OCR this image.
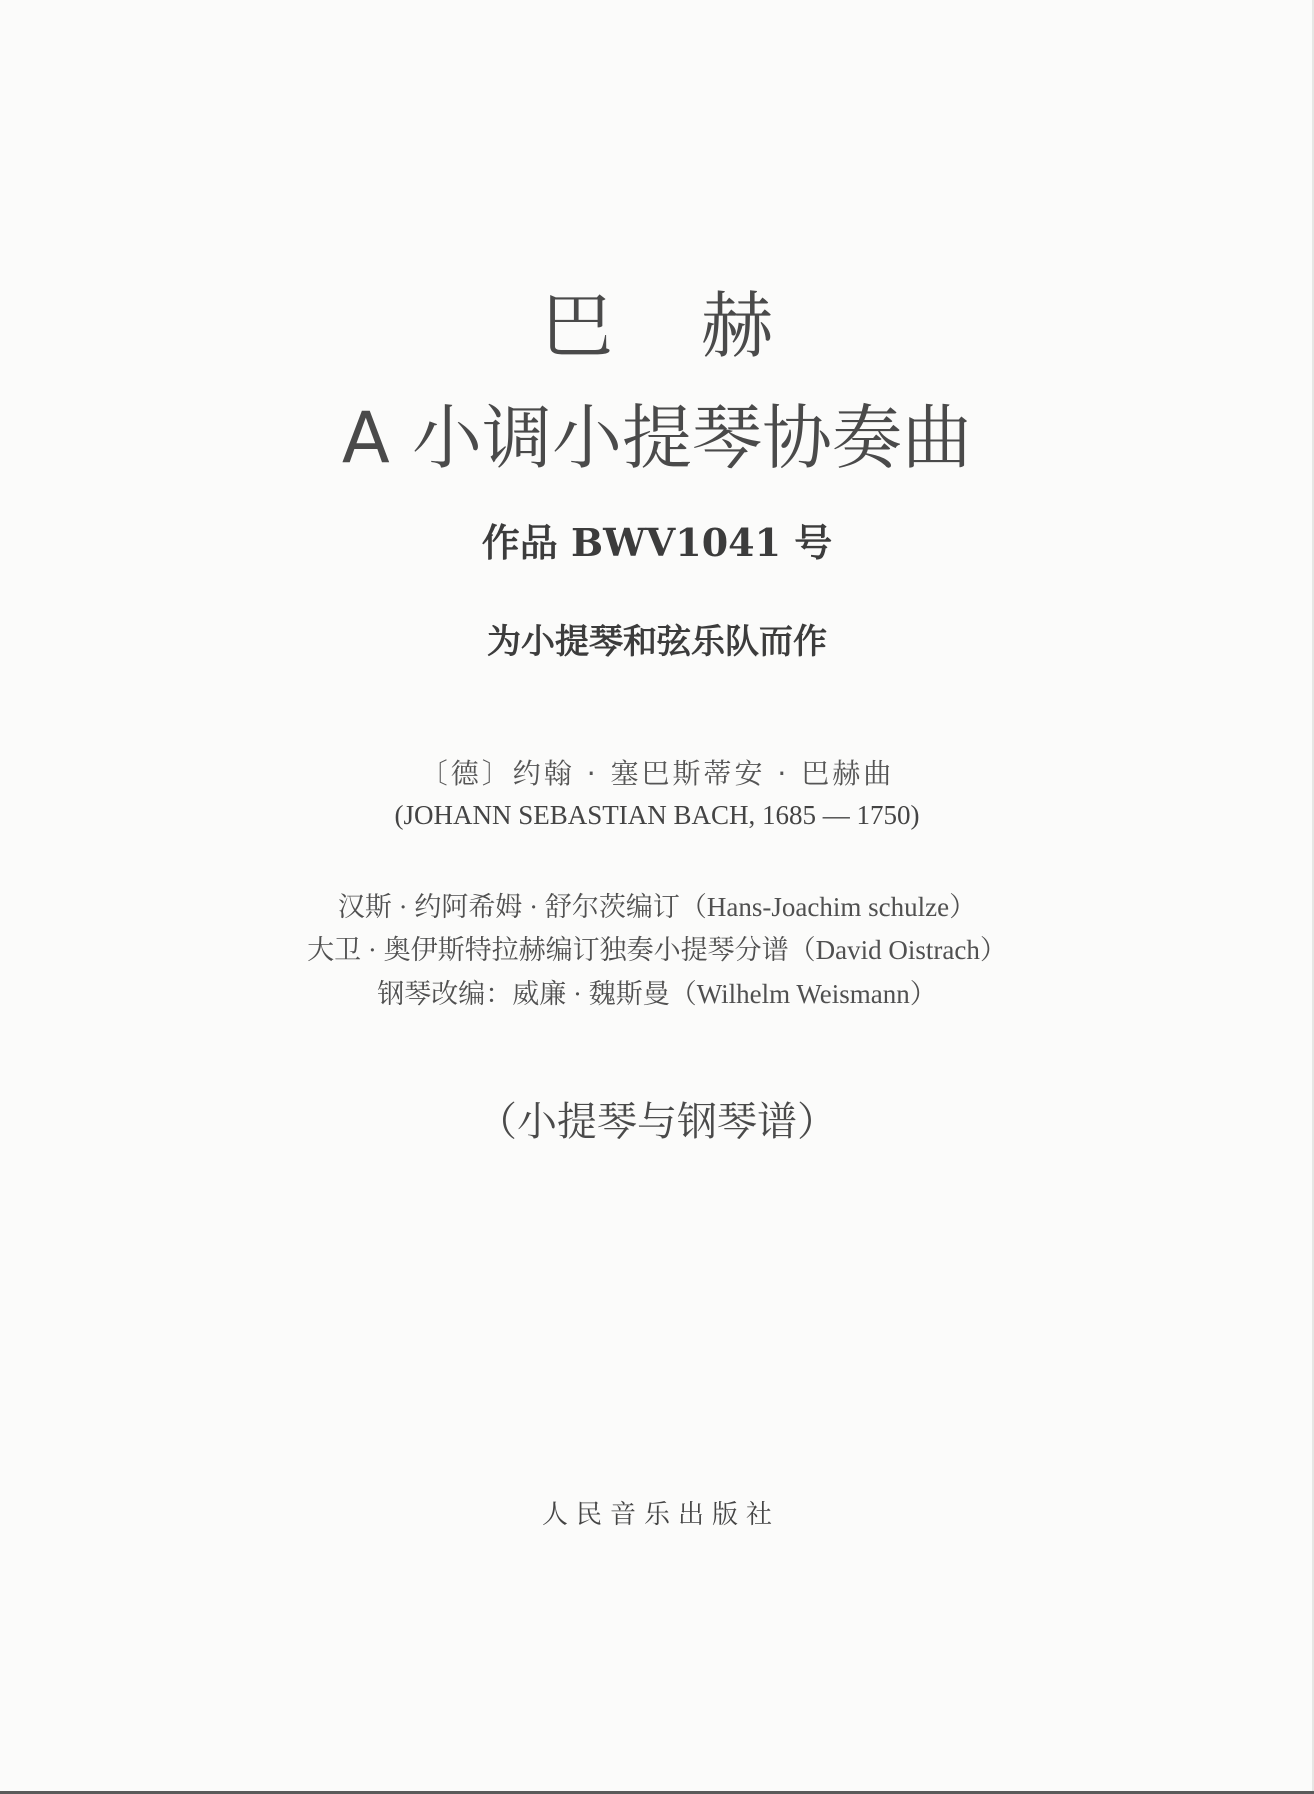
巴赫
A 小调小提琴协奏曲
作品 BWV1041 号
为小提琴和弦乐队而作
〔德〕约翰 · 塞巴斯蒂安 · 巴赫曲
(JOHANN SEBASTIAN BACH, 1685 — 1750)
汉斯 · 约阿希姆 · 舒尔茨编订（Hans-Joachim schulze）
大卫 · 奥伊斯特拉赫编订独奏小提琴分谱（David Oistrach）
钢琴改编：威廉 · 魏斯曼（Wilhelm Weismann）
（小提琴与钢琴谱）
人民音乐出版社
